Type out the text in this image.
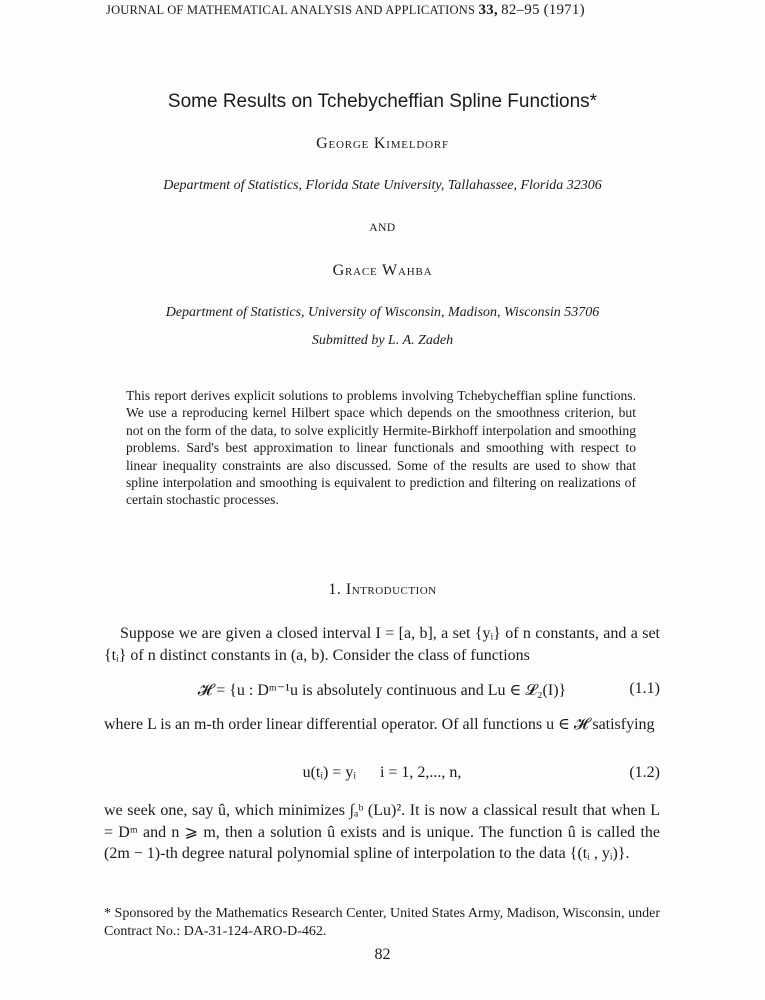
JOURNAL OF MATHEMATICAL ANALYSIS AND APPLICATIONS 33, 82–95 (1971)
Some Results on Tchebycheffian Spline Functions*
George Kimeldorf
Department of Statistics, Florida State University, Tallahassee, Florida 32306
AND
Grace Wahba
Department of Statistics, University of Wisconsin, Madison, Wisconsin 53706
Submitted by L. A. Zadeh
This report derives explicit solutions to problems involving Tchebycheffian spline functions. We use a reproducing kernel Hilbert space which depends on the smoothness criterion, but not on the form of the data, to solve explicitly Hermite-Birkhoff interpolation and smoothing problems. Sard's best approximation to linear functionals and smoothing with respect to linear inequality constraints are also discussed. Some of the results are used to show that spline interpolation and smoothing is equivalent to prediction and filtering on realizations of certain stochastic processes.
1. Introduction
Suppose we are given a closed interval I = [a, b], a set {yᵢ} of n constants, and a set {tᵢ} of n distinct constants in (a, b). Consider the class of functions
𝓗 = {u : Dᵐ⁻¹u is absolutely continuous and Lu ∈ 𝓛₂(I)}	(1.1)
where L is an m-th order linear differential operator. Of all functions u ∈ 𝓗 satisfying
u(tᵢ) = yᵢ      i = 1, 2,..., n,	(1.2)
we seek one, say û, which minimizes ∫ₐᵇ (Lu)². It is now a classical result that when L = Dᵐ and n ⩾ m, then a solution û exists and is unique. The function û is called the (2m − 1)-th degree natural polynomial spline of interpolation to the data {(tᵢ , yᵢ)}.
* Sponsored by the Mathematics Research Center, United States Army, Madison, Wisconsin, under Contract No.: DA-31-124-ARO-D-462.
82
